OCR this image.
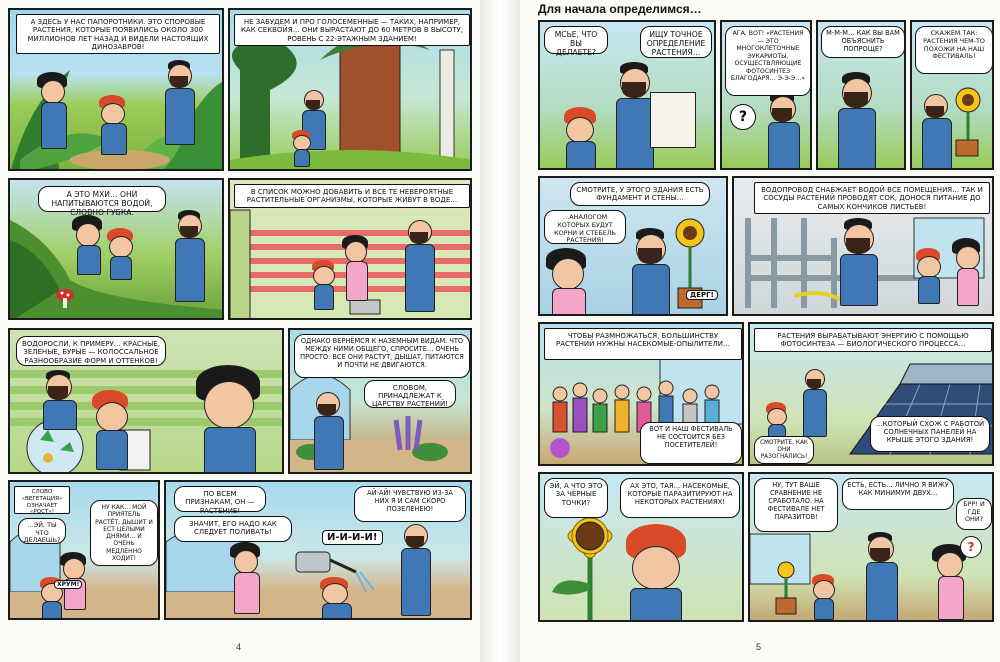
А ЗДЕСЬ У НАС ПАПОРОТНИКИ. ЭТО СПОРОВЫЕ РАСТЕНИЯ, КОТОРЫЕ ПОЯВИЛИСЬ ОКОЛО 300 МИЛЛИОНОВ ЛЕТ НАЗАД И ВИДЕЛИ НАСТОЯЩИХ ДИНОЗАВРОВ!
НЕ ЗАБУДЕМ И ПРО ГОЛОСЕМЕННЫЕ — ТАКИХ, НАПРИМЕР, КАК СЕКВОЙЯ… ОНИ ВЫРАСТАЮТ ДО 60 МЕТРОВ В ВЫСОТУ, РОВЕНЬ С 22-ЭТАЖНЫМ ЗДАНИЕМ!
А ЭТО МХИ… ОНИ НАПИТЫВАЮТСЯ ВОДОЙ, СЛОВНО ГУБКА.
В СПИСОК МОЖНО ДОБАВИТЬ И ВСЕ ТЕ НЕВЕРОЯТНЫЕ РАСТИТЕЛЬНЫЕ ОРГАНИЗМЫ, КОТОРЫЕ ЖИВУТ В ВОДЕ…
ВОДОРОСЛИ, К ПРИМЕРУ… КРАСНЫЕ, ЗЕЛЕНЫЕ, БУРЫЕ — КОЛОССАЛЬНОЕ РАЗНООБРАЗИЕ ФОРМ И ОТТЕНКОВ!
ОДНАКО ВЕРНЁМСЯ К НАЗЕМНЫМ ВИДАМ. ЧТО МЕЖДУ НИМИ ОБЩЕГО, СПРОСИТЕ… ОЧЕНЬ ПРОСТО: ВСЕ ОНИ РАСТУТ, ДЫШАТ, ПИТАЮТСЯ И ПОЧТИ НЕ ДВИГАЮТСЯ.
СЛОВОМ, ПРИНАДЛЕЖАТ К ЦАРСТВУ РАСТЕНИЙ!
СЛОВО «ВЕГЕТАЦИЯ» ОЗНАЧАЕТ «РОСТ»!
…ЭЙ, ТЫ ЧТО ДЕЛАЕШЬ?
НУ КАК… МОЙ ПРИЯТЕЛЬ РАСТЁТ, ДЫШИТ И ЕСТ ЦЕЛЫМИ ДНЯМИ… И ОЧЕНЬ МЕДЛЕННО ХОДИТ!
ХРУМ!
ПО ВСЕМ ПРИЗНАКАМ, ОН — РАСТЕНИЕ!
ЗНАЧИТ, ЕГО НАДО КАК СЛЕДУЕТ ПОЛИВАТЬ!
АЙ-АЙ! ЧУВСТВУЮ ИЗ-ЗА НИХ Я И САМ СКОРО ПОЗЕЛЕНЕЮ!
И-И-И-И!
4
Для начала определимся…
МСЬЕ, ЧТО ВЫ ДЕЛАЕТЕ?
ИЩУ ТОЧНОЕ ОПРЕДЕЛЕНИЕ РАСТЕНИЯ…
?
АГА, ВОТ! «РАСТЕНИЯ — ЭТО МНОГОКЛЕТОЧНЫЕ ЭУКАРИОТЫ, ОСУЩЕСТВЛЯЮЩИЕ ФОТОСИНТЕЗ БЛАГОДАРЯ… Э-Э-Э…»
М-М-М… КАК ВЫ ВАМ ОБЪЯСНИТЬ ПОПРОЩЕ?
СКАЖЕМ ТАК: РАСТЕНИЯ ЧЕМ-ТО ПОХОЖИ НА НАШ ФЕСТИВАЛЬ!
СМОТРИТЕ, У ЭТОГО ЗДАНИЯ ЕСТЬ ФУНДАМЕНТ И СТЕНЫ…
…АНАЛОГОМ КОТОРЫХ БУДУТ КОРНИ И СТЕБЕЛЬ РАСТЕНИЯ!
ДЕРГ!
ВОДОПРОВОД СНАБЖАЕТ ВОДОЙ ВСЕ ПОМЕЩЕНИЯ… ТАК И СОСУДЫ РАСТЕНИЙ ПРОВОДЯТ СОК, ДОНОСЯ ПИТАНИЕ ДО САМЫХ КОНЧИКОВ ЛИСТЬЕВ!
ЧТОБЫ РАЗМНОЖАТЬСЯ, БОЛЬШИНСТВУ РАСТЕНИЙ НУЖНЫ НАСЕКОМЫЕ-ОПЫЛИТЕЛИ…
ВОТ И НАШ ФЕСТИВАЛЬ НЕ СОСТОИТСЯ БЕЗ ПОСЕТИТЕЛЕЙ!
РАСТЕНИЯ ВЫРАБАТЫВАЮТ ЭНЕРГИЮ С ПОМОЩЬЮ ФОТОСИНТЕЗА — БИОЛОГИЧЕСКОГО ПРОЦЕССА…
…КОТОРЫЙ СХОЖ С РАБОТОЙ СОЛНЕЧНЫХ ПАНЕЛЕЙ НА КРЫШЕ ЭТОГО ЗДАНИЯ!
СМОТРИТЕ, КАК ОНИ РАЗОГНАЛИСЬ!
ЭЙ, А ЧТО ЭТО ЗА ЧЁРНЫЕ ТОЧКИ?
АХ ЭТО, ТАЯ… НАСЕКОМЫЕ, КОТОРЫЕ ПАРАЗИТИРУЮТ НА НЕКОТОРЫХ РАСТЕНИЯХ!
НУ, ТУТ ВАШЕ СРАВНЕНИЕ НЕ СРАБОТАЛО. НА ФЕСТИВАЛЕ НЕТ ПАРАЗИТОВ!
ЕСТЬ, ЕСТЬ… ЛИЧНО Я ВИЖУ КАК МИНИМУМ ДВУХ…
БРР! И ГДЕ ОНИ?
?
5
